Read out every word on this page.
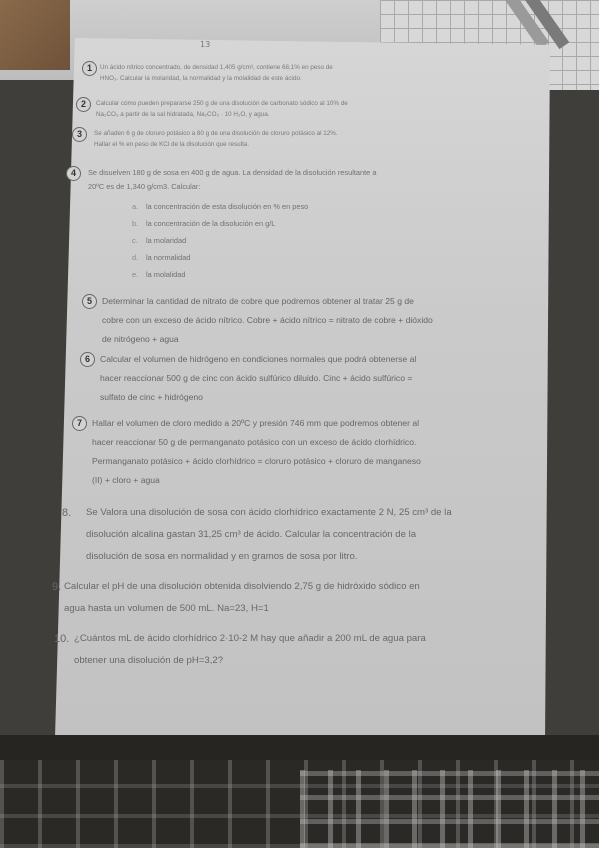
13
1	Un ácido nítrico concentrado, de densidad 1,405 g/cm³, contiene 68,1% en peso de
HNO₃. Calcular la molaridad, la normalidad y la molalidad de este ácido.
2	Calcular cómo pueden prepararse 250 g de una disolución de carbonato sódico al 10% de
Na₂CO₃ a partir de la sal hidratada, Na₂CO₃ · 10 H₂O, y agua.
3	Se añaden 6 g de cloruro potásico a 80 g de una disolución de cloruro potásico al 12%.
Hallar el % en peso de KCl de la disolución que resulta.
4	Se disuelven 180 g de sosa en 400 g de agua. La densidad de la disolución resultante a
20ºC es de 1,340 g/cm3. Calcular:
a. la concentración de esta disolución en % en peso
b. la concentración de la disolución en g/L
c. la molaridad
d. la normalidad
e. la molalidad
5	Determinar la cantidad de nitrato de cobre que podremos obtener al tratar 25 g de
cobre con un exceso de ácido nítrico. Cobre + ácido nítrico = nitrato de cobre + dióxido
de nitrógeno + agua
6	Calcular el volumen de hidrógeno en condiciones normales que podrá obtenerse al
hacer reaccionar 500 g de cinc con ácido sulfúrico diluido. Cinc + ácido sulfúrico =
sulfato de cinc + hidrógeno
7	Hallar el volumen de cloro medido a 20ºC y presión 746 mm que podremos obtener al
hacer reaccionar 50 g de permanganato potásico con un exceso de ácido clorhídrico.
Permanganato potásico + ácido clorhídrico = cloruro potásico + cloruro de manganeso
(II) + cloro + agua
8. Se Valora una disolución de sosa con ácido clorhídrico exactamente 2 N, 25 cm³ de la
disolución alcalina gastan 31,25 cm³ de ácido. Calcular la concentración de la
disolución de sosa en normalidad y en gramos de sosa por litro.
9. Calcular el pH de una disolución obtenida disolviendo 2,75 g de hidróxido sódico en
agua hasta un volumen de 500 mL. Na=23, H=1
10. ¿Cuántos mL de ácido clorhídrico 2·10-2 M hay que añadir a 200 mL de agua para
obtener una disolución de pH=3,2?
